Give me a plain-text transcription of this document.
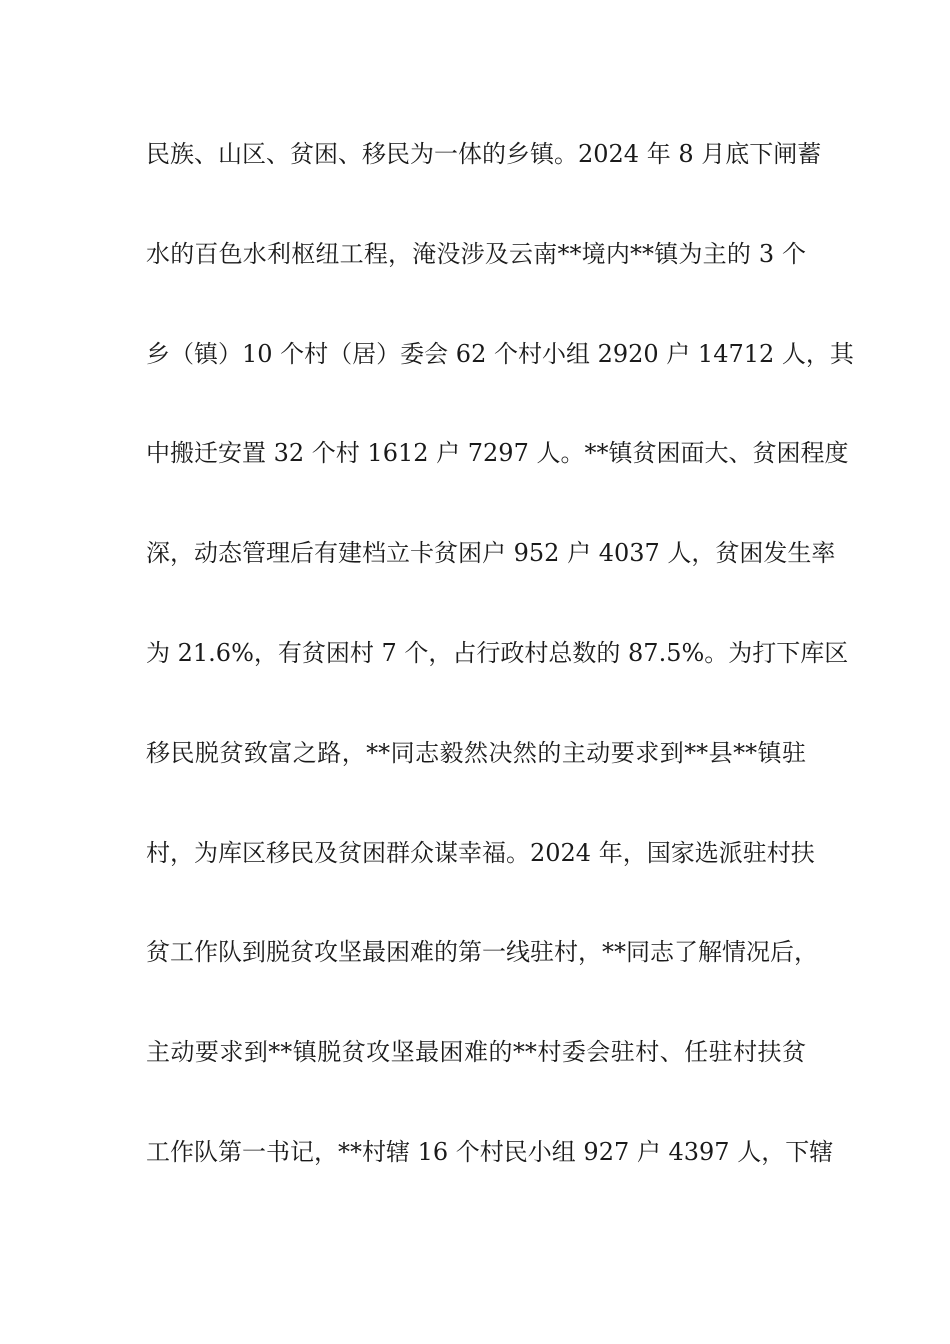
民族、山区、贫困、移民为一体的乡镇。2024 年 8 月底下闸蓄
水的百色水利枢纽工程，淹没涉及云南**境内**镇为主的 3 个
乡（镇）10 个村（居）委会 62 个村小组 2920 户 14712 人，其
中搬迁安置 32 个村 1612 户 7297 人。**镇贫困面大、贫困程度
深，动态管理后有建档立卡贫困户 952 户 4037 人，贫困发生率
为 21.6%，有贫困村 7 个，占行政村总数的 87.5%。为打下库区
移民脱贫致富之路，**同志毅然决然的主动要求到**县**镇驻
村，为库区移民及贫困群众谋幸福。2024 年，国家选派驻村扶
贫工作队到脱贫攻坚最困难的第一线驻村，**同志了解情况后，
主动要求到**镇脱贫攻坚最困难的**村委会驻村、任驻村扶贫
工作队第一书记，**村辖 16 个村民小组 927 户 4397 人，下辖
